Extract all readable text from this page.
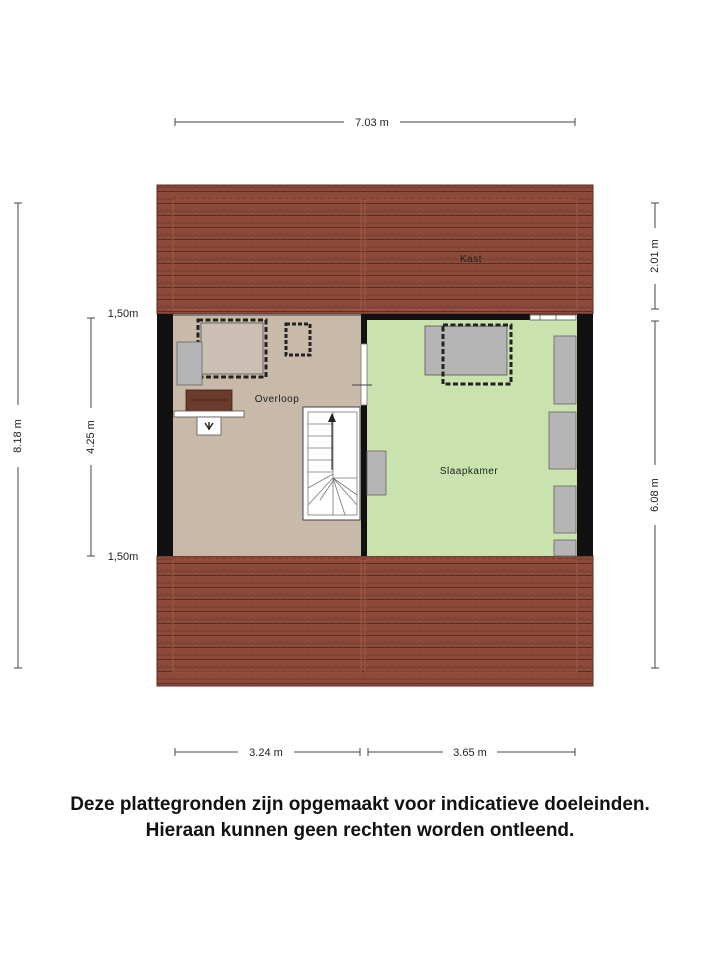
Kast
Overloop
Slaapkamer
7.03 m
3.24 m	3.65 m
8.18 m	4.25 m
2.01 m
6.08 m
1,50m
1,50m
Deze plattegronden zijn opgemaakt voor indicatieve doeleinden.
Hieraan kunnen geen rechten worden ontleend.
